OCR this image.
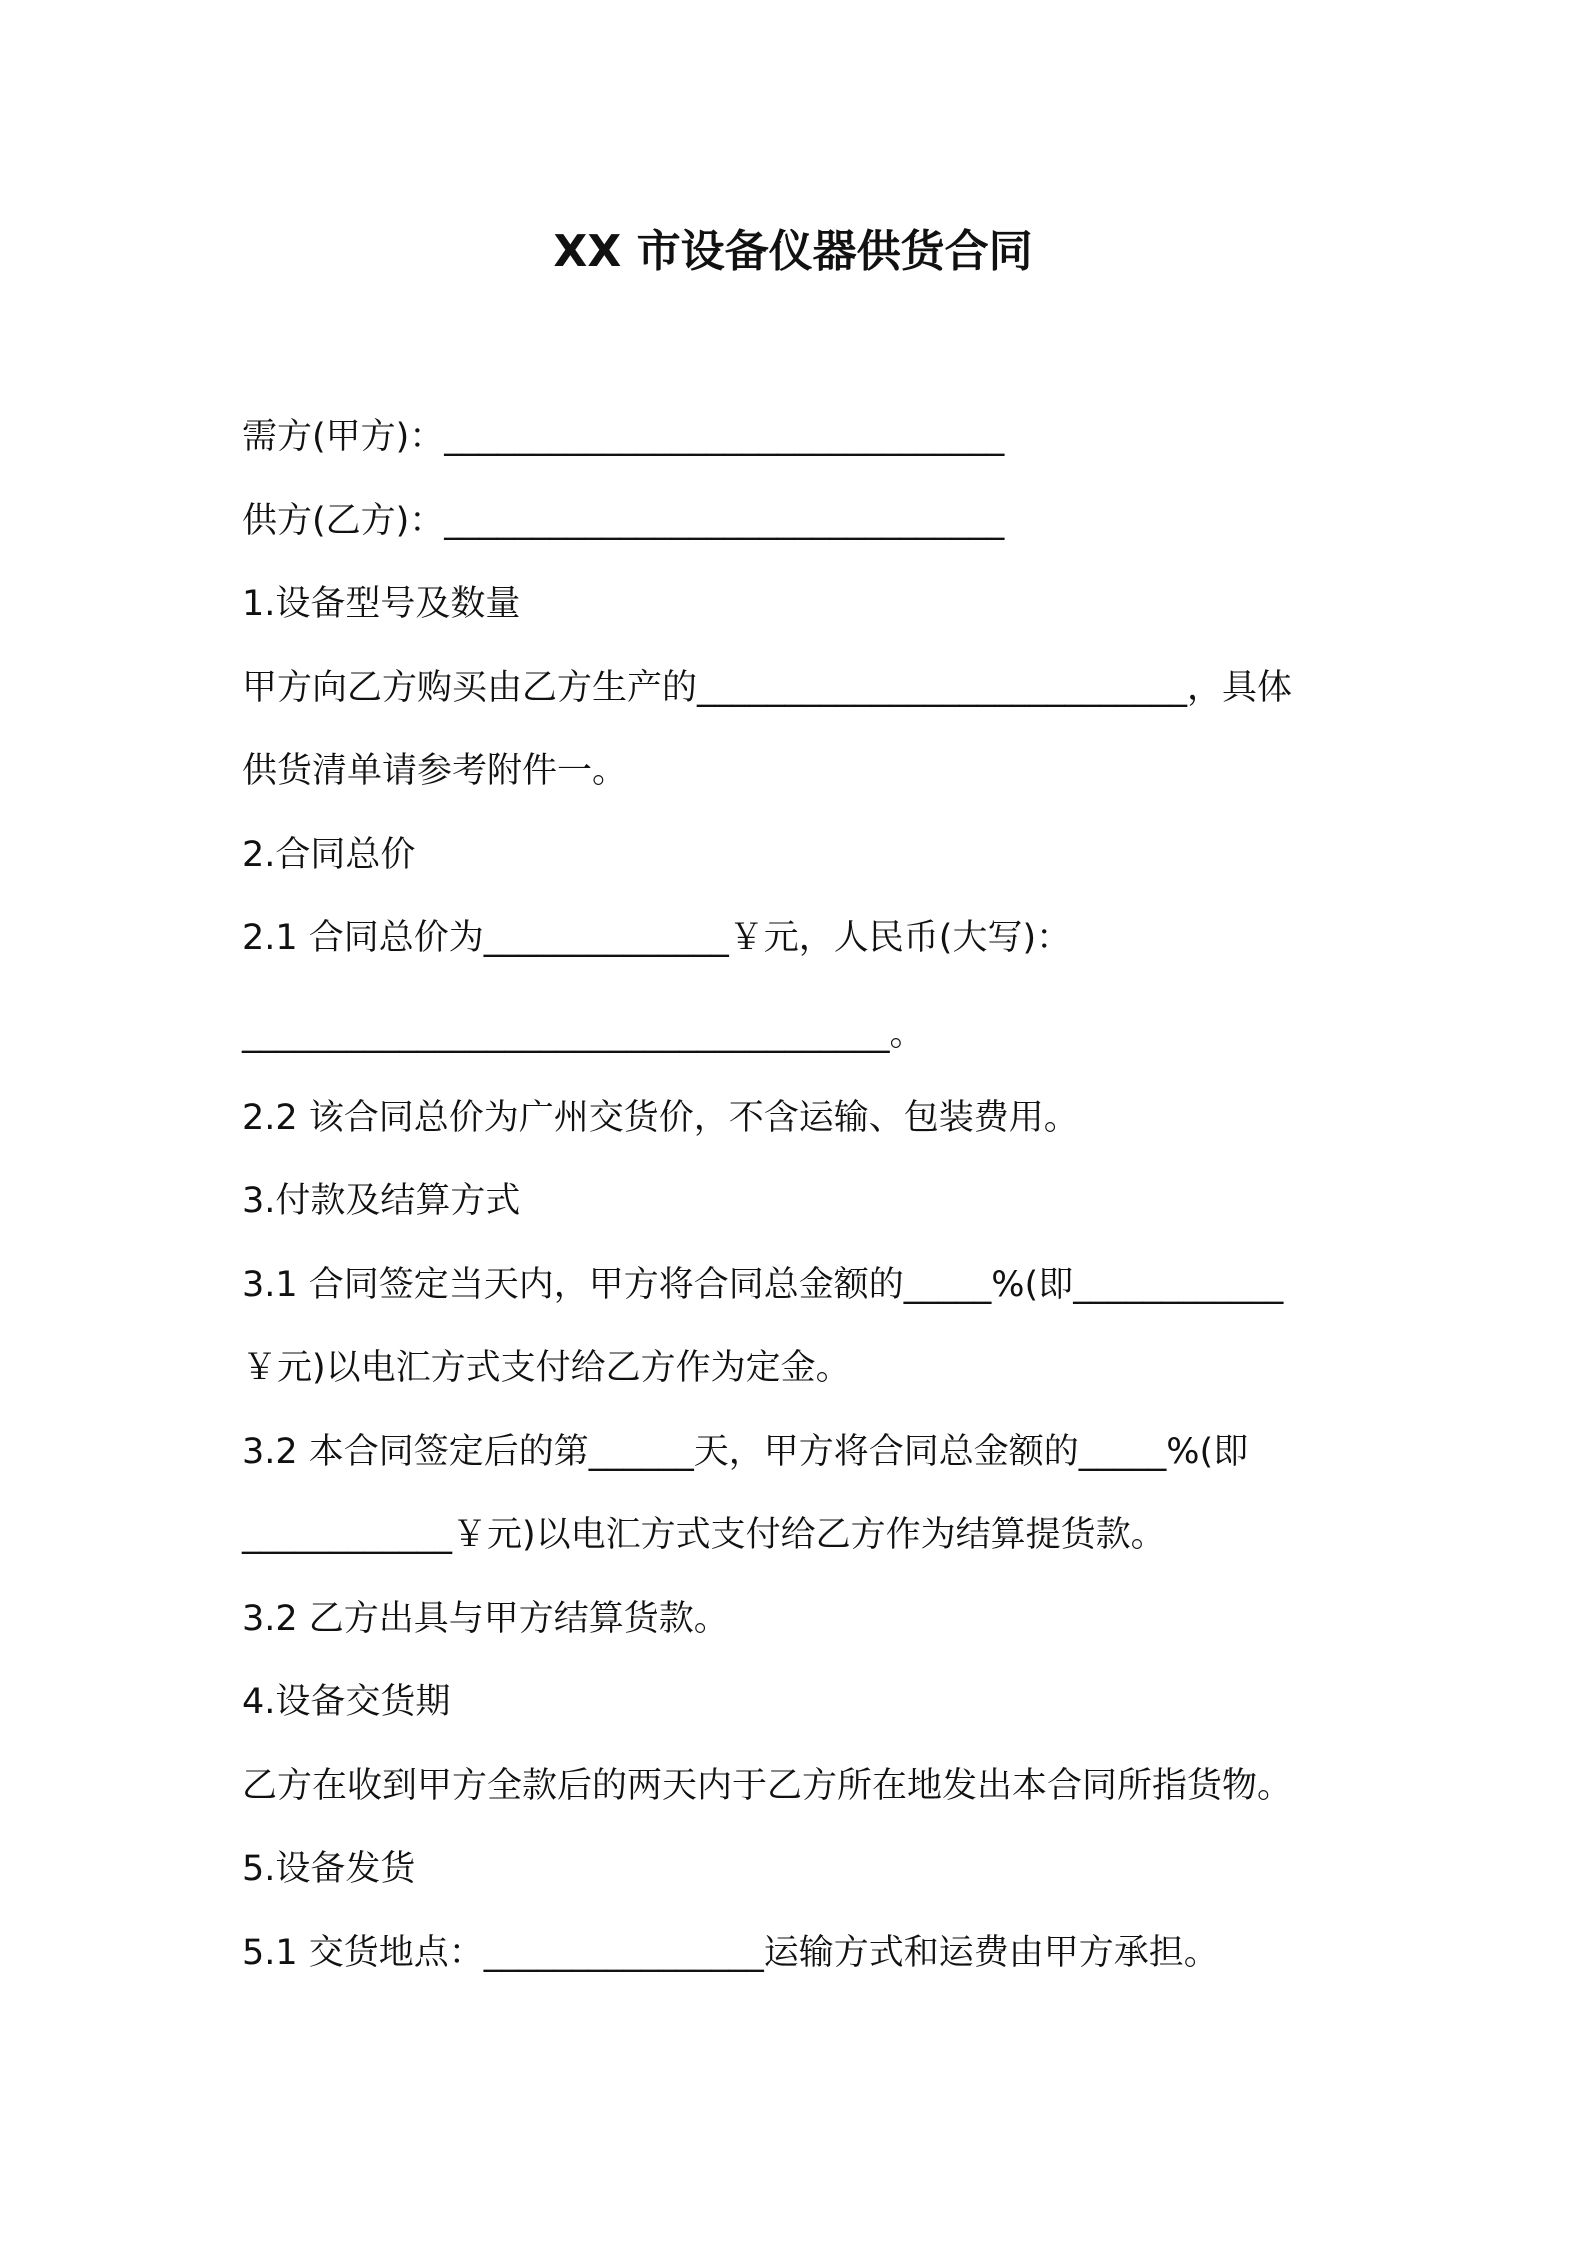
XX 市设备仪器供货合同
需方(甲方)：________________________________
供方(乙方)：________________________________
1.设备型号及数量
甲方向乙方购买由乙方生产的____________________________，具体
供货清单请参考附件一。
2.合同总价
2.1 合同总价为______________￥元，人民币(大写)：
_____________________________________。
2.2 该合同总价为广州交货价，不含运输、包装费用。
3.付款及结算方式
3.1 合同签定当天内，甲方将合同总金额的_____%(即____________
￥元)以电汇方式支付给乙方作为定金。
3.2 本合同签定后的第______天，甲方将合同总金额的_____%(即
____________￥元)以电汇方式支付给乙方作为结算提货款。
3.2 乙方出具与甲方结算货款。
4.设备交货期
乙方在收到甲方全款后的两天内于乙方所在地发出本合同所指货物。
5.设备发货
5.1 交货地点：________________运输方式和运费由甲方承担。
